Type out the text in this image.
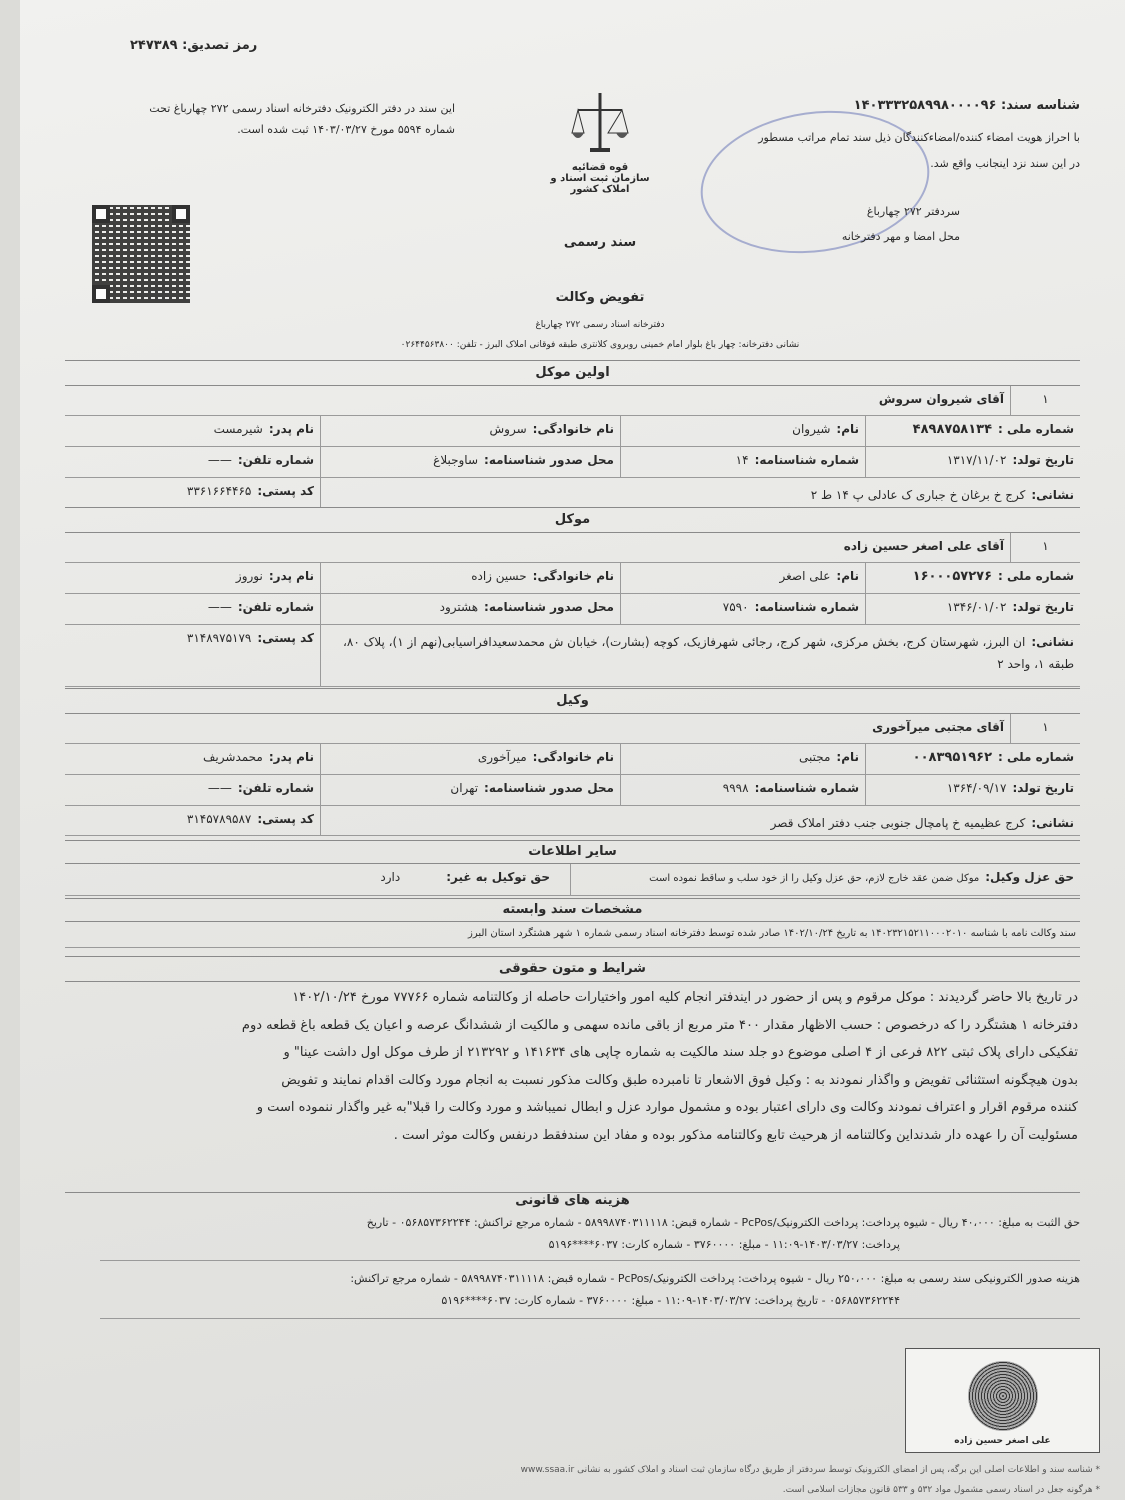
رمز تصدیق: ۲۴۷۳۸۹
این سند در دفتر الکترونیک دفترخانه اسناد رسمی ۲۷۲ چهارباغ تحت
شماره ۵۵۹۴ مورخ ۱۴۰۳/۰۳/۲۷ ثبت شده است.
قوه قضائیه
سازمان ثبت اسناد و املاک کشور
سند رسمی
تفویض وکالت
دفترخانه اسناد رسمی ۲۷۲ چهارباغ
نشانی دفترخانه: چهار باغ بلوار امام خمینی روبروی کلانتری طبقه فوقانی املاک البرز - تلفن: ۰۲۶۴۴۵۶۳۸۰۰
شناسه سند: ۱۴۰۳۳۳۲۵۸۹۹۸۰۰۰۰۹۶
با احراز هویت امضاء کننده/امضاءکنندگان ذیل سند تمام مراتب مسطور
در این سند نزد اینجانب واقع شد.
سردفتر ۲۷۲ چهارباغ
محل امضا و مهر دفترخانه
اولین موکل
۱
آقای شیروان سروش
شماره ملی :۴۸۹۸۷۵۸۱۳۴
نام:شیروان
نام خانوادگی:سروش
نام پدر:شیرمست
تاریخ تولد:۱۳۱۷/۱۱/۰۲
شماره شناسنامه:۱۴
محل صدور شناسنامه:ساوجبلاغ
شماره تلفن:——
نشانی:کرج خ برغان خ جباری ک عادلی پ ۱۴ ط ۲
کد پستی:۳۳۶۱۶۶۴۴۶۵
موکل
۱
آقای علی اصغر حسین زاده
شماره ملی :۱۶۰۰۰۵۷۲۷۶
نام:علی اصغر
نام خانوادگی:حسین زاده
نام پدر:نوروز
تاریخ تولد:۱۳۴۶/۰۱/۰۲
شماره شناسنامه:۷۵۹۰
محل صدور شناسنامه:هشترود
شماره تلفن:——
نشانی:ان البرز، شهرستان کرج، بخش مرکزی، شهر کرج، رجائی شهرفازیک، کوچه (بشارت)، خیابان ش محمدسعیدافراسیابی(نهم از ۱)، پلاک ۸۰، طبقه ۱، واحد ۲
کد پستی:۳۱۴۸۹۷۵۱۷۹
وکیل
۱
آقای مجتبی میرآخوری
شماره ملی :۰۰۸۳۹۵۱۹۶۲
نام:مجتبی
نام خانوادگی:میرآخوری
نام پدر:محمدشریف
تاریخ تولد:۱۳۶۴/۰۹/۱۷
شماره شناسنامه:۹۹۹۸
محل صدور شناسنامه:تهران
شماره تلفن:——
نشانی:کرج عظیمیه خ پامچال جنوبی جنب دفتر املاک قصر
کد پستی:۳۱۴۵۷۸۹۵۸۷
سایر اطلاعات
حق عزل وکیل:موکل ضمن عقد خارج لازم، حق عزل وکیل را از خود سلب و ساقط نموده است
حق توکیل به غیر:دارد
مشخصات سند وابسته
سند وکالت نامه با شناسه ۱۴۰۲۳۲۱۵۲۱۱۰۰۰۲۰۱۰ به تاریخ ۱۴۰۲/۱۰/۲۴ صادر شده توسط دفترخانه اسناد رسمی شماره ۱ شهر هشتگرد استان البرز
شرایط و متون حقوقی
در تاریخ بالا حاضر گردیدند : موکل مرقوم و پس از حضور در ایندفتر انجام کلیه امور واختیارات حاصله از وکالتنامه شماره ۷۷۷۶۶ مورخ ۱۴۰۲/۱۰/۲۴
دفترخانه ۱ هشتگرد را که درخصوص : حسب الاظهار مقدار ۴۰۰ متر مربع از باقی مانده سهمی و مالکیت از ششدانگ عرصه و اعیان یک قطعه باغ قطعه دوم
تفکیکی دارای پلاک ثبتی ۸۲۲ فرعی از ۴ اصلی موضوع دو جلد سند مالکیت به شماره چاپی های ۱۴۱۶۳۴ و ۲۱۳۲۹۲ از طرف موکل اول داشت عینا" و
بدون هیچگونه استثنائی تفویض و واگذار نمودند به : وکیل فوق الاشعار تا نامبرده طبق وکالت مذکور نسبت به انجام مورد وکالت اقدام نمایند و تفویض
کننده مرقوم اقرار و اعتراف نمودند وکالت وی دارای اعتبار بوده و مشمول موارد عزل و ابطال نمیباشد و مورد وکالت را قبلا"به غیر واگذار ننموده است و
مسئولیت آن را عهده دار شدنداین وکالتنامه از هرحیث تابع وکالتنامه مذکور بوده و مفاد این سندفقط درنفس وکالت موثر است .
هزینه های قانونی
حق الثبت به مبلغ: ۴۰،۰۰۰ ریال - شیوه پرداخت: پرداخت الکترونیک/PcPos - شماره قبض: ۵۸۹۹۸۷۴۰۳۱۱۱۱۸ - شماره مرجع تراکنش: ۰۵۶۸۵۷۳۶۲۲۴۴ - تاریخ
پرداخت: ۱۴۰۳/۰۳/۲۷-۱۱:۰۹ - مبلغ: ۳۷۶۰۰۰۰ - شماره کارت: ۶۰۳۷****۵۱۹۶
هزینه صدور الکترونیکی سند رسمی به مبلغ: ۲۵۰،۰۰۰ ریال - شیوه پرداخت: پرداخت الکترونیک/PcPos - شماره قبض: ۵۸۹۹۸۷۴۰۳۱۱۱۱۸ - شماره مرجع تراکنش:
۰۵۶۸۵۷۳۶۲۲۴۴ - تاریخ پرداخت: ۱۴۰۳/۰۳/۲۷-۱۱:۰۹ - مبلغ: ۳۷۶۰۰۰۰ - شماره کارت: ۶۰۳۷****۵۱۹۶
علی اصغر حسین زاده
* شناسه سند و اطلاعات اصلی این برگه، پس از امضای الکترونیک توسط سردفتر از طریق درگاه سازمان ثبت اسناد و املاک کشور به نشانی www.ssaa.ir
* هرگونه جعل در اسناد رسمی مشمول مواد ۵۳۲ و ۵۳۳ قانون مجازات اسلامی است.
